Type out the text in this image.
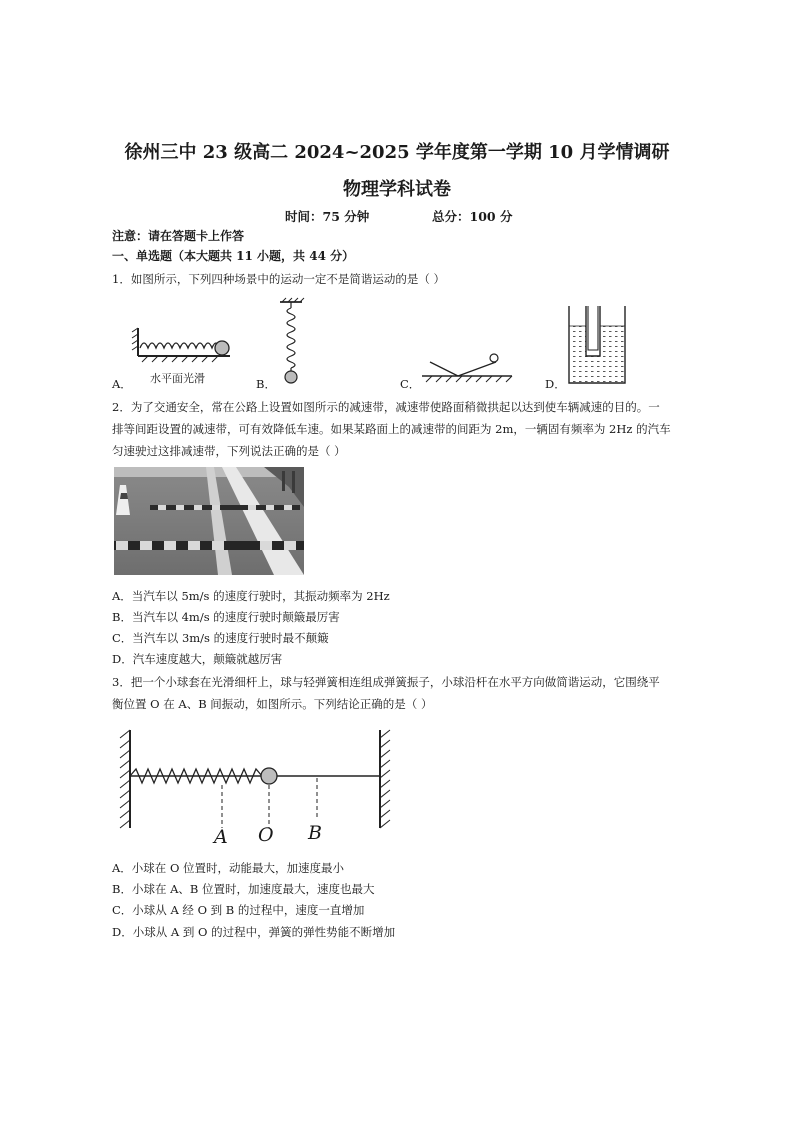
徐州三中 23 级高二 2024~2025 学年度第一学期 10 月学情调研
物理学科试卷
时间：75 分钟	总分：100 分
注意：请在答题卡上作答
一、单选题（本大题共 11 小题，共 44 分）
1．如图所示，下列四种场景中的运动一定不是简谐运动的是（ ）
水平面光滑
A．	B．	C．	D．
2．为了交通安全，常在公路上设置如图所示的减速带，减速带使路面稍微拱起以达到使车辆减速的目的。一
排等间距设置的减速带，可有效降低车速。如果某路面上的减速带的间距为 2m，一辆固有频率为 2Hz 的汽车
匀速驶过这排减速带，下列说法正确的是（ ）
A．当汽车以 5m/s 的速度行驶时，其振动频率为 2Hz
B．当汽车以 4m/s 的速度行驶时颠簸最厉害
C．当汽车以 3m/s 的速度行驶时最不颠簸
D．汽车速度越大，颠簸就越厉害
3．把一个小球套在光滑细杆上，球与轻弹簧相连组成弹簧振子，小球沿杆在水平方向做简谐运动，它围绕平
衡位置 O 在 A、B 间振动，如图所示。下列结论正确的是（ ）
A O B
A．小球在 O 位置时，动能最大，加速度最小
B．小球在 A、B 位置时，加速度最大，速度也最大
C．小球从 A 经 O 到 B 的过程中，速度一直增加
D．小球从 A 到 O 的过程中，弹簧的弹性势能不断增加
